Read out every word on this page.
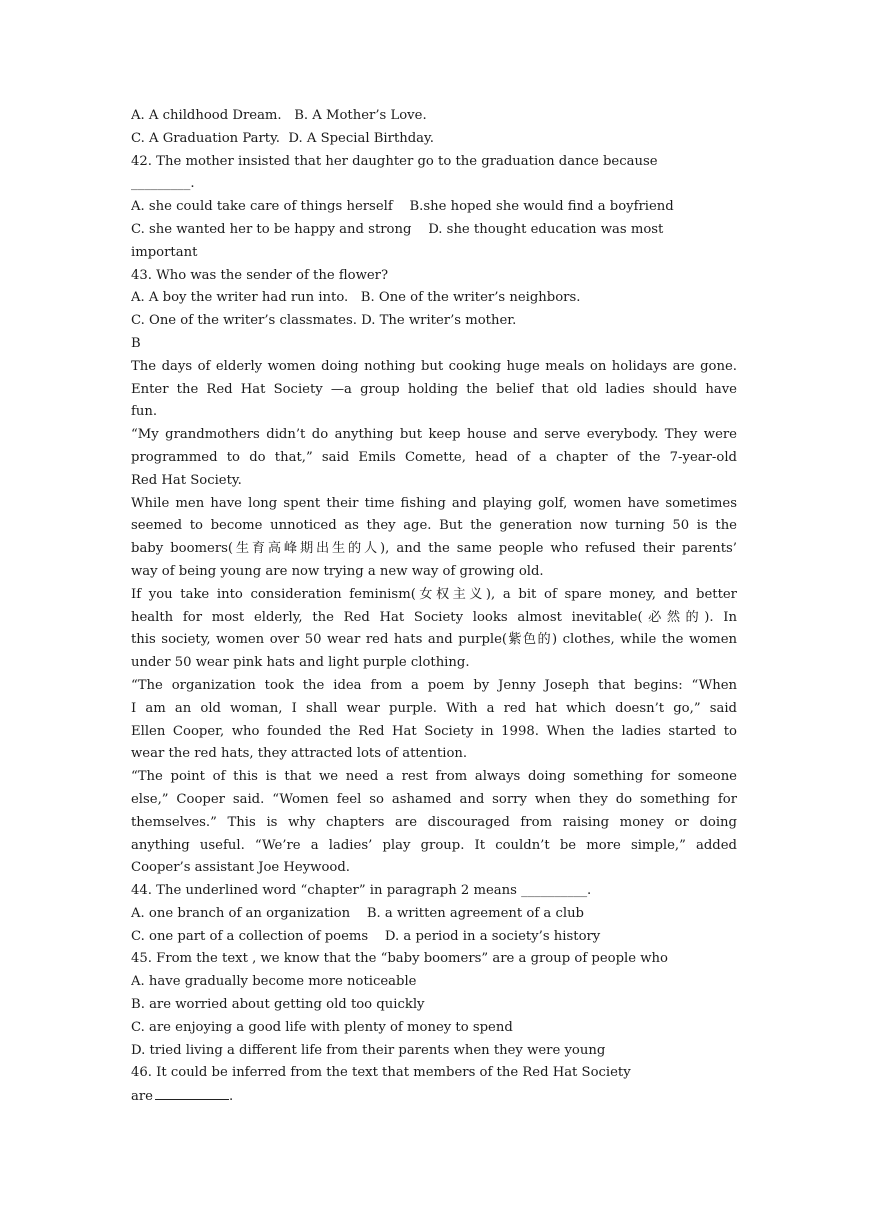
A. A childhood Dream.   B. A Mother’s Love.
C. A Graduation Party.  D. A Special Birthday.
42. The mother insisted that her daughter go to the graduation dance because
_________.
A. she could take care of things herself    B.she hoped she would find a boyfriend
C. she wanted her to be happy and strong    D. she thought education was most
important
43. Who was the sender of the flower?
A. A boy the writer had run into.   B. One of the writer’s neighbors.
C. One of the writer’s classmates. D. The writer’s mother.
B
The days of elderly women doing nothing but cooking huge meals on holidays are gone.
Enter the Red Hat Society —a group holding the belief that old ladies should have
fun.
“My grandmothers didn’t do anything but keep house and serve everybody. They were
programmed to do that,” said Emils Comette, head of a chapter of the 7-year-old
Red Hat Society.
While men have long spent their time fishing and playing golf, women have sometimes
seemed to become unnoticed as they age. But the generation now turning 50 is the
baby boomers(生育高峰期出生的人), and the same people who refused their parents’
way of being young are now trying a new way of growing old.
If you take into consideration feminism(女权主义), a bit of spare money, and better
health for most elderly, the Red Hat Society looks almost inevitable(必然的). In
this society, women over 50 wear red hats and purple(紫色的) clothes, while the women
under 50 wear pink hats and light purple clothing.
“The organization took the idea from a poem by Jenny Joseph that begins: “When
I am an old woman, I shall wear purple. With a red hat which doesn’t go,” said
Ellen Cooper, who founded the Red Hat Society in 1998. When the ladies started to
wear the red hats, they attracted lots of attention.
“The point of this is that we need a rest from always doing something for someone
else,” Cooper said. “Women feel so ashamed and sorry when they do something for
themselves.” This is why chapters are discouraged from raising money or doing
anything useful. “We’re a ladies’ play group. It couldn’t be more simple,” added
Cooper’s assistant Joe Heywood.
44. The underlined word “chapter” in paragraph 2 means __________.
A. one branch of an organization    B. a written agreement of a club
C. one part of a collection of poems    D. a period in a society’s history
45. From the text , we know that the “baby boomers” are a group of people who
A. have gradually become more noticeable
B. are worried about getting old too quickly
C. are enjoying a good life with plenty of money to spend
D. tried living a different life from their parents when they were young
46. It could be inferred from the text that members of the Red Hat Society
are	.
